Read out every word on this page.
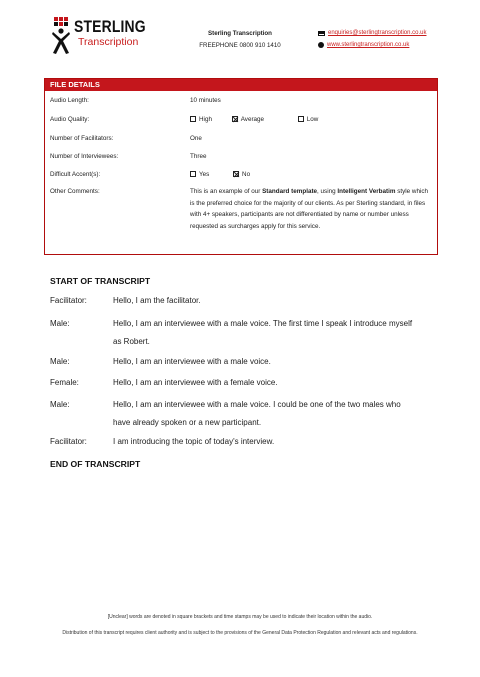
STERLING
Transcription
Sterling Transcription
FREEPHONE 0800 910 1410
enquiries@sterlingtranscription.co.uk
www.sterlingtranscription.co.uk
FILE DETAILS
Audio Length:	10 minutes
Audio Quality:	High	Average	Low
Number of Facilitators:	One
Number of Interviewees:	Three
Difficult Accent(s):	Yes	No
Other Comments:	This is an example of our Standard template, using Intelligent Verbatim style which is the preferred choice for the majority of our clients. As per Sterling standard, in files with 4+ speakers, participants are not differentiated by name or number unless requested as surcharges apply for this service.
START OF TRANSCRIPT
Facilitator:	Hello, I am the facilitator.
Male:	Hello, I am an interviewee with a male voice. The first time I speak I introduce myself as Robert.
Male:	Hello, I am an interviewee with a male voice.
Female:	Hello, I am an interviewee with a female voice.
Male:	Hello, I am an interviewee with a male voice. I could be one of the two males who have already spoken or a new participant.
Facilitator:	I am introducing the topic of today's interview.
END OF TRANSCRIPT
[Unclear] words are denoted in square brackets and time stamps may be used to indicate their location within the audio.
Distribution of this transcript requires client authority and is subject to the provisions of the General Data Protection Regulation and relevant acts and regulations.
